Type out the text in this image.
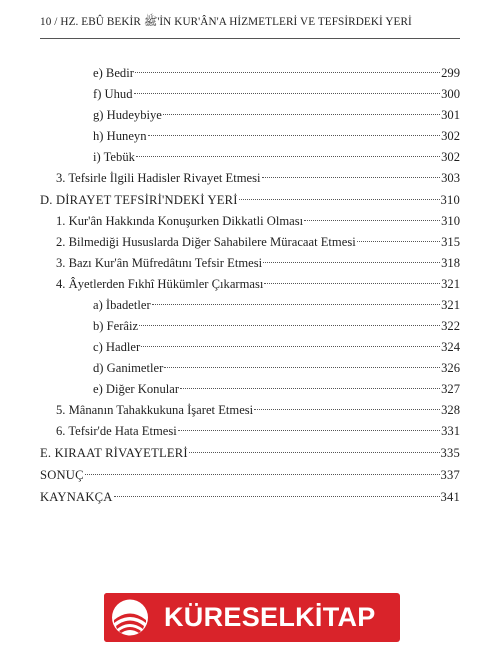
10 / HZ. EBÛ BEKİR ﷺ'İN KUR'ÂN'A HİZMETLERİ VE TEFSİRDEKİ YERİ
e) Bedir	299
f) Uhud	300
g) Hudeybiye	301
h) Huneyn	302
i) Tebük	302
3. Tefsirle İlgili Hadisler Rivayet Etmesi	303
D. DİRAYET TEFSİRİ'NDEKİ YERİ	310
1. Kur'ân Hakkında Konuşurken Dikkatli Olması	310
2. Bilmediği Hususlarda Diğer Sahabilere Müracaat Etmesi	315
3. Bazı Kur'ân Müfredâtını Tefsir Etmesi	318
4. Âyetlerden Fıkhî Hükümler Çıkarması	321
a) İbadetler	321
b) Ferâiz	322
c) Hadler	324
d) Ganimetler	326
e) Diğer Konular	327
5. Mânanın Tahakkukuna İşaret Etmesi	328
6. Tefsir'de Hata Etmesi	331
E. KIRAAT RİVAYETLERİ	335
SONUÇ	337
KAYNAKÇA	341
KÜRESELKİTAP
